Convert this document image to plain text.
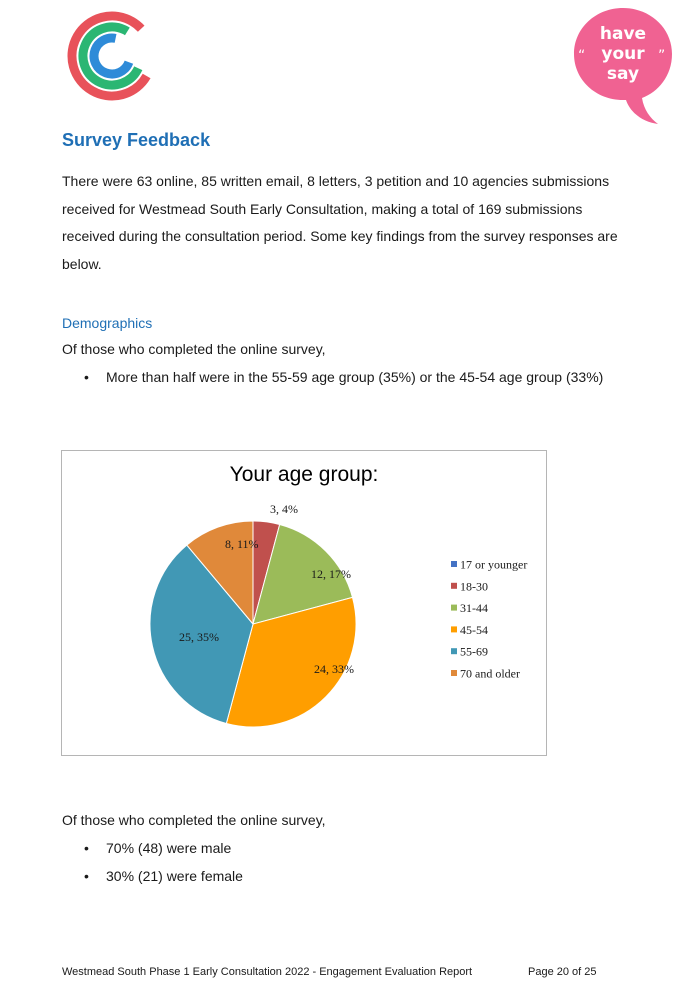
“	”
have
your
say
Survey Feedback

There were 63 online, 85 written email, 8 letters, 3 petition and 10 agencies submissions received for Westmead South Early Consultation, making a total of 169 submissions received during the consultation period. Some key findings from the survey responses are below.

Demographics
Of those who completed the online survey,
• More than half were in the 55-59 age group (35%) or the 45-54 age group (33%)
Your age group:
3, 4%
12, 17%
24, 33%
25, 35%
8, 11%
17 or younger
18-30
31-44
45-54
55-69
70 and older
Of those who completed the online survey,
• 70% (48) were male
• 30% (21) were female
Westmead South Phase 1 Early Consultation 2022 - Engagement Evaluation Report	Page 20 of 25
